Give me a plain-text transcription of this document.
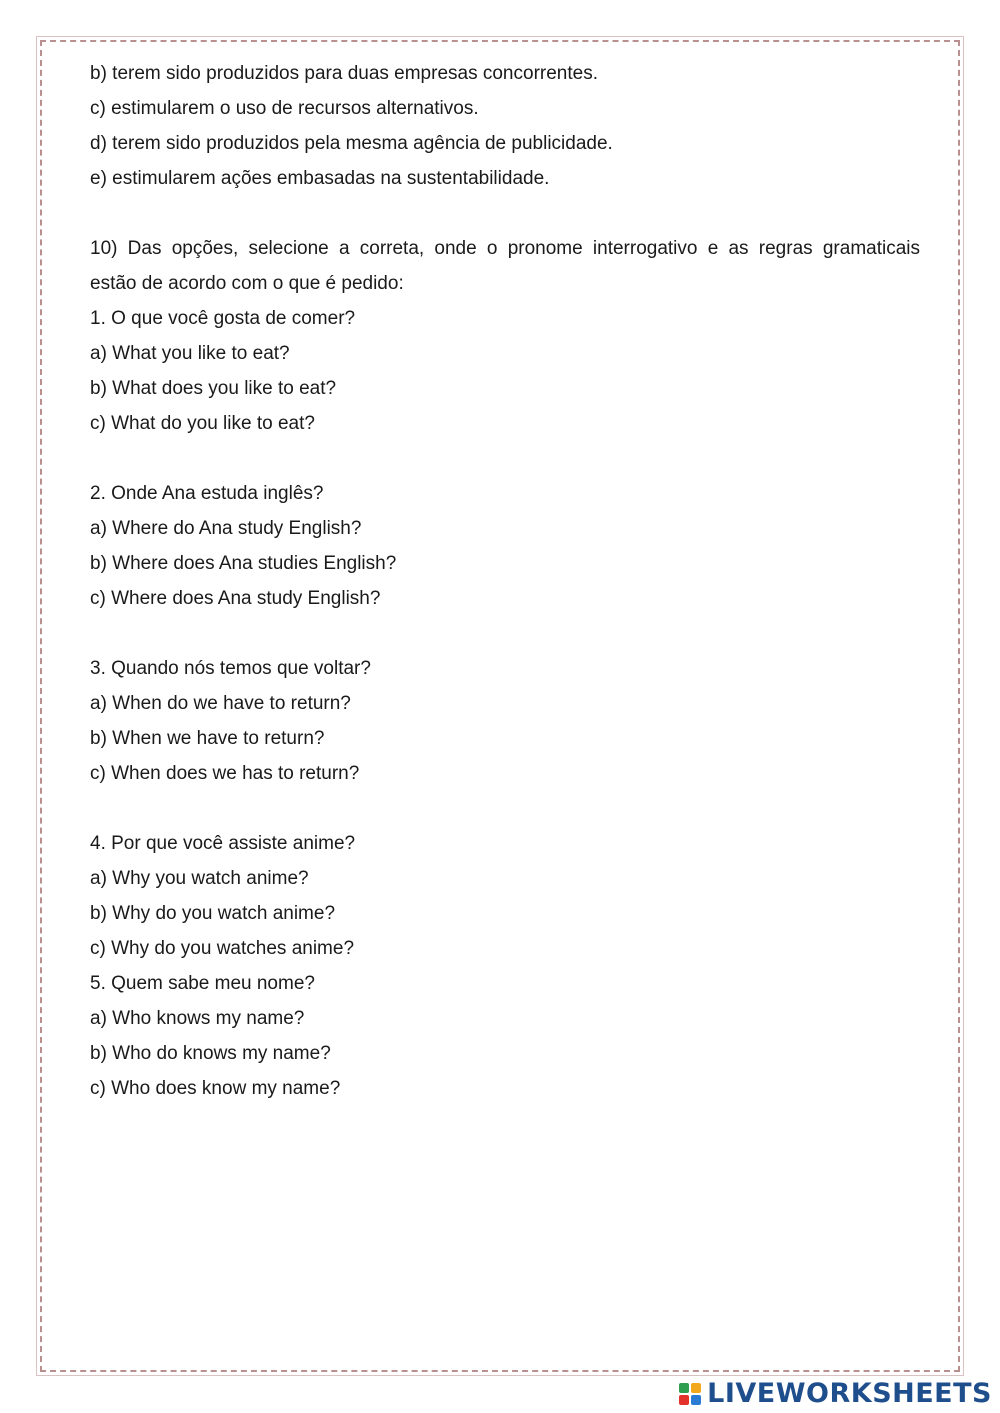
b) terem sido produzidos para duas empresas concorrentes.
c) estimularem o uso de recursos alternativos.
d) terem sido produzidos pela mesma agência de publicidade.
e) estimularem ações embasadas na sustentabilidade.
10) Das opções, selecione a correta, onde o pronome interrogativo e as regras gramaticais
estão de acordo com o que é pedido:
1. O que você gosta de comer?
a) What you like to eat?
b) What does you like to eat?
c) What do you like to eat?
2. Onde Ana estuda inglês?
a) Where do Ana study English?
b) Where does Ana studies English?
c) Where does Ana study English?
3. Quando nós temos que voltar?
a) When do we have to return?
b) When we have to return?
c) When does we has to return?
4. Por que você assiste anime?
a) Why you watch anime?
b) Why do you watch anime?
c) Why do you watches anime?
5. Quem sabe meu nome?
a) Who knows my name?
b) Who do knows my name?
c) Who does know my name?
LIVEWORKSHEETS
